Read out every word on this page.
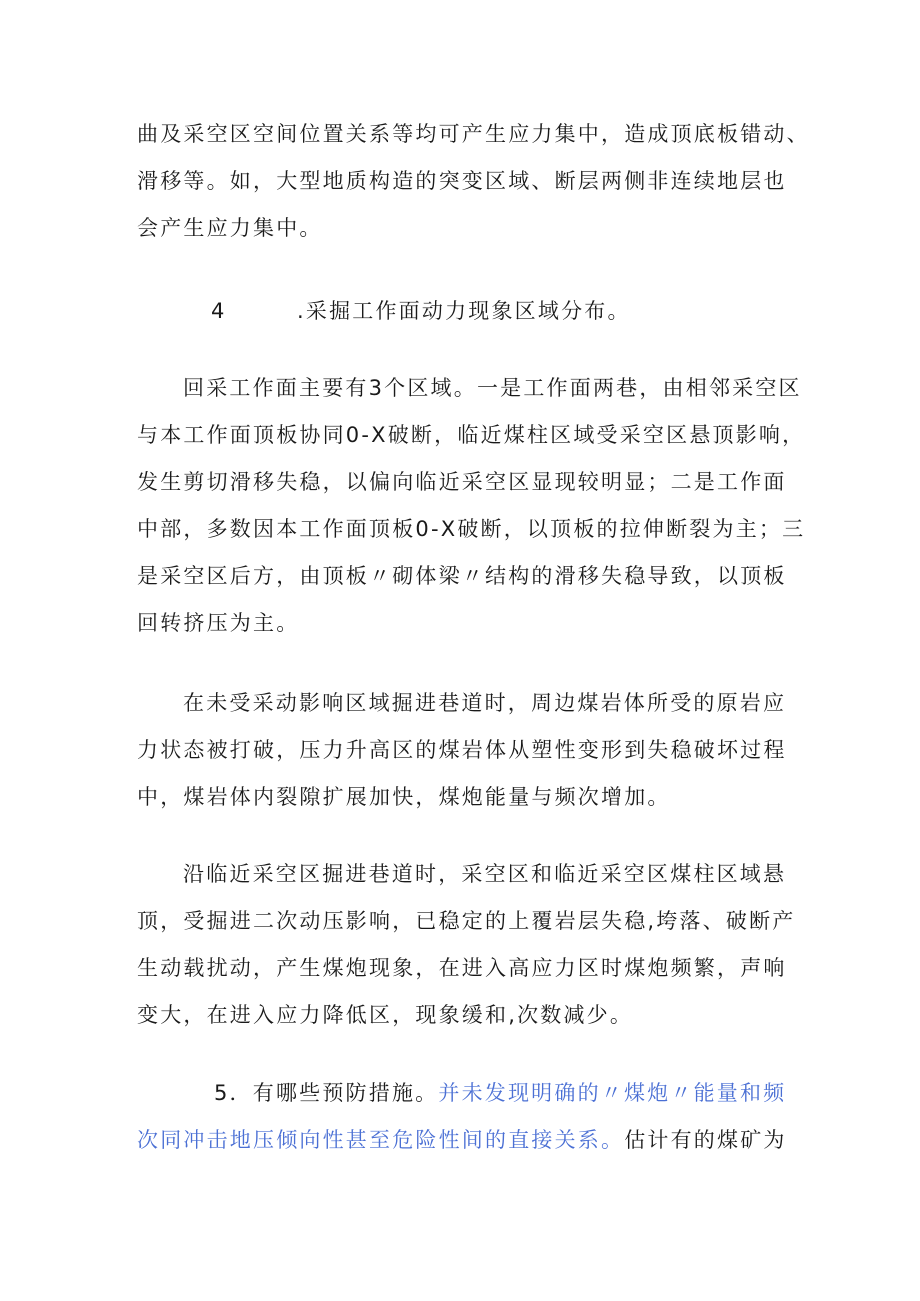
曲及采空区空间位置关系等均可产生应力集中，造成顶底板错动、
滑移等。如，大型地质构造的突变区域、断层两侧非连续地层也
会产生应力集中。

4	.采掘工作面动力现象区域分布。

回采工作面主要有3个区域。一是工作面两巷，由相邻采空区
与本工作面顶板协同0-X破断，临近煤柱区域受采空区悬顶影响，
发生剪切滑移失稳，以偏向临近采空区显现较明显；二是工作面
中部，多数因本工作面顶板0-X破断，以顶板的拉伸断裂为主；三
是采空区后方，由顶板〃砌体梁〃结构的滑移失稳导致，以顶板
回转挤压为主。

在未受采动影响区域掘进巷道时，周边煤岩体所受的原岩应
力状态被打破，压力升高区的煤岩体从塑性变形到失稳破坏过程
中，煤岩体内裂隙扩展加快，煤炮能量与频次增加。

沿临近采空区掘进巷道时，采空区和临近采空区煤柱区域悬
顶，受掘进二次动压影响，已稳定的上覆岩层失稳,垮落、破断产
生动载扰动，产生煤炮现象，在进入高应力区时煤炮频繁，声响
变大，在进入应力降低区，现象缓和,次数减少。

5．有哪些预防措施。并未发现明确的〃煤炮〃能量和频
次同冲击地压倾向性甚至危险性间的直接关系。估计有的煤矿为
